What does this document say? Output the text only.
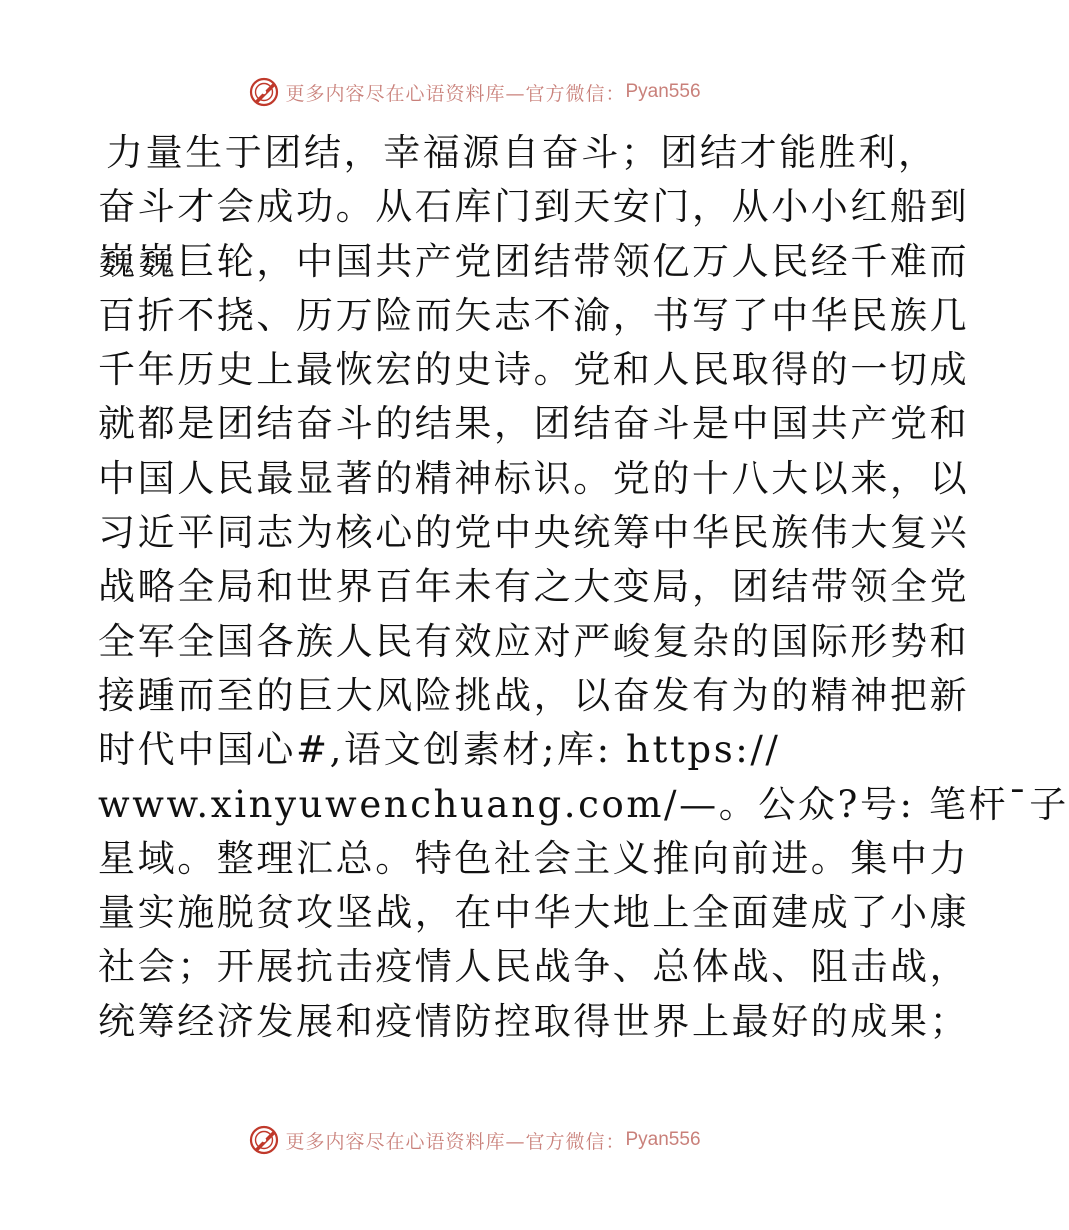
更多内容尽在心语资料库—官方微信： Pyan556
力量生于团结，幸福源自奋斗；团结才能胜利，
奋斗才会成功。从石库门到天安门，从小小红船到
巍巍巨轮，中国共产党团结带领亿万人民经千难而
百折不挠、历万险而矢志不渝，书写了中华民族几
千年历史上最恢宏的史诗。党和人民取得的一切成
就都是团结奋斗的结果，团结奋斗是中国共产党和
中国人民最显著的精神标识。党的十八大以来，以
习近平同志为核心的党中央统筹中华民族伟大复兴
战略全局和世界百年未有之大变局，团结带领全党
全军全国各族人民有效应对严峻复杂的国际形势和
接踵而至的巨大风险挑战，以奋发有为的精神把新
时代中国心#,语文创素材;库: https://
www.xinyuwenchuang.com/—。公众?号: 笔杆¯子
星域。整理汇总。特色社会主义推向前进。集中力
量实施脱贫攻坚战，在中华大地上全面建成了小康
社会；开展抗击疫情人民战争、总体战、阻击战，
统筹经济发展和疫情防控取得世界上最好的成果；
更多内容尽在心语资料库—官方微信： Pyan556
